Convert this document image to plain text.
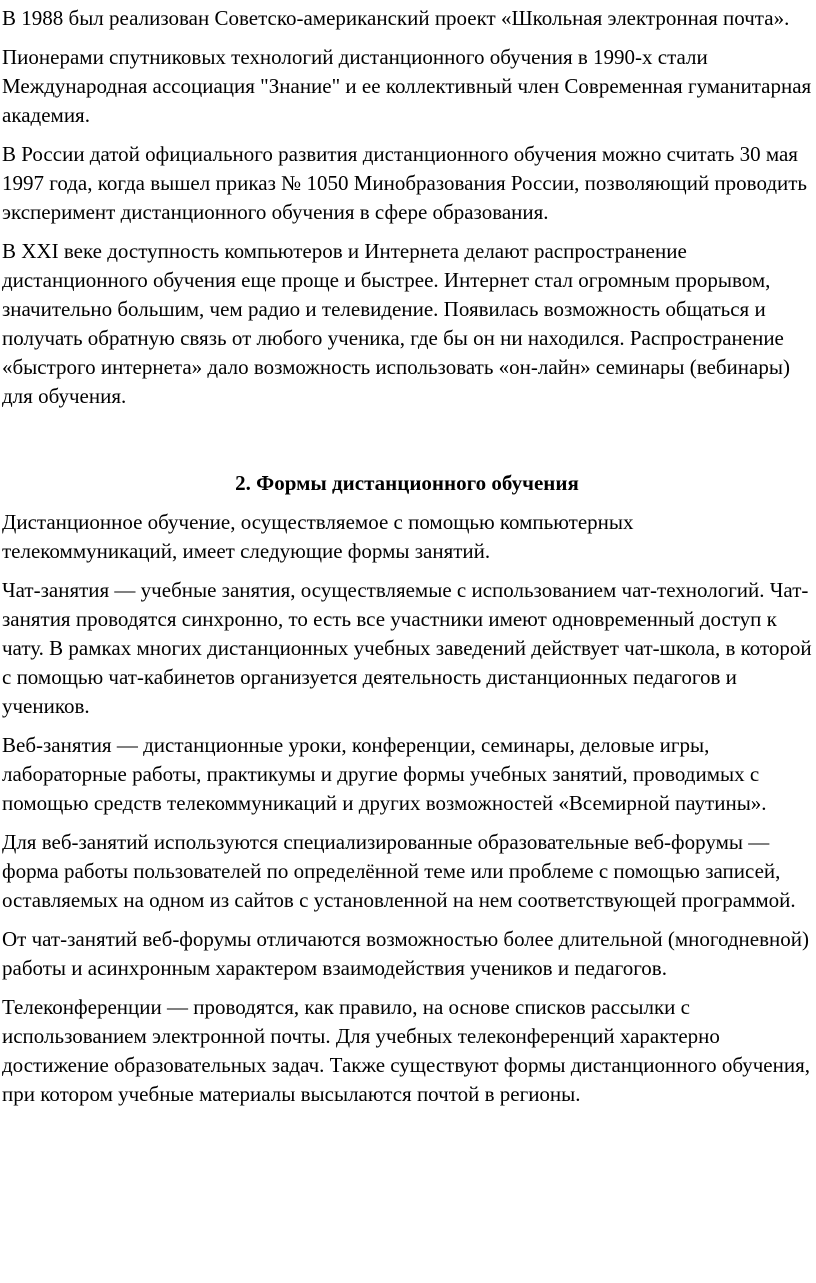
В 1988 был реализован Советско-американский проект «Школьная электронная почта».

Пионерами спутниковых технологий дистанционного обучения в 1990-х стали Международная ассоциация "Знание" и ее коллективный член Современная гуманитарная академия.

В России датой официального развития дистанционного обучения можно считать 30 мая 1997 года, когда вышел приказ № 1050 Минобразования России, позволяющий проводить эксперимент дистанционного обучения в сфере образования.

В XXI веке доступность компьютеров и Интернета делают распространение дистанционного обучения еще проще и быстрее. Интернет стал огромным прорывом, значительно большим, чем радио и телевидение. Появилась возможность общаться и получать обратную связь от любого ученика, где бы он ни находился. Распространение «быстрого интернета» дало возможность использовать «он-лайн» семинары (вебинары) для обучения.

2. Формы дистанционного обучения

Дистанционное обучение, осуществляемое с помощью компьютерных телекоммуникаций, имеет следующие формы занятий.

Чат-занятия — учебные занятия, осуществляемые с использованием чат-технологий. Чат-занятия проводятся синхронно, то есть все участники имеют одновременный доступ к чату. В рамках многих дистанционных учебных заведений действует чат-школа, в которой с помощью чат-кабинетов организуется деятельность дистанционных педагогов и учеников.

Веб-занятия — дистанционные уроки, конференции, семинары, деловые игры, лабораторные работы, практикумы и другие формы учебных занятий, проводимых с помощью средств телекоммуникаций и других возможностей «Всемирной паутины».

Для веб-занятий используются специализированные образовательные веб-форумы — форма работы пользователей по определённой теме или проблеме с помощью записей, оставляемых на одном из сайтов с установленной на нем соответствующей программой.

От чат-занятий веб-форумы отличаются возможностью более длительной (многодневной) работы и асинхронным характером взаимодействия учеников и педагогов.

Телеконференции — проводятся, как правило, на основе списков рассылки с использованием электронной почты. Для учебных телеконференций характерно достижение образовательных задач. Также существуют формы дистанционного обучения, при котором учебные материалы высылаются почтой в регионы.
